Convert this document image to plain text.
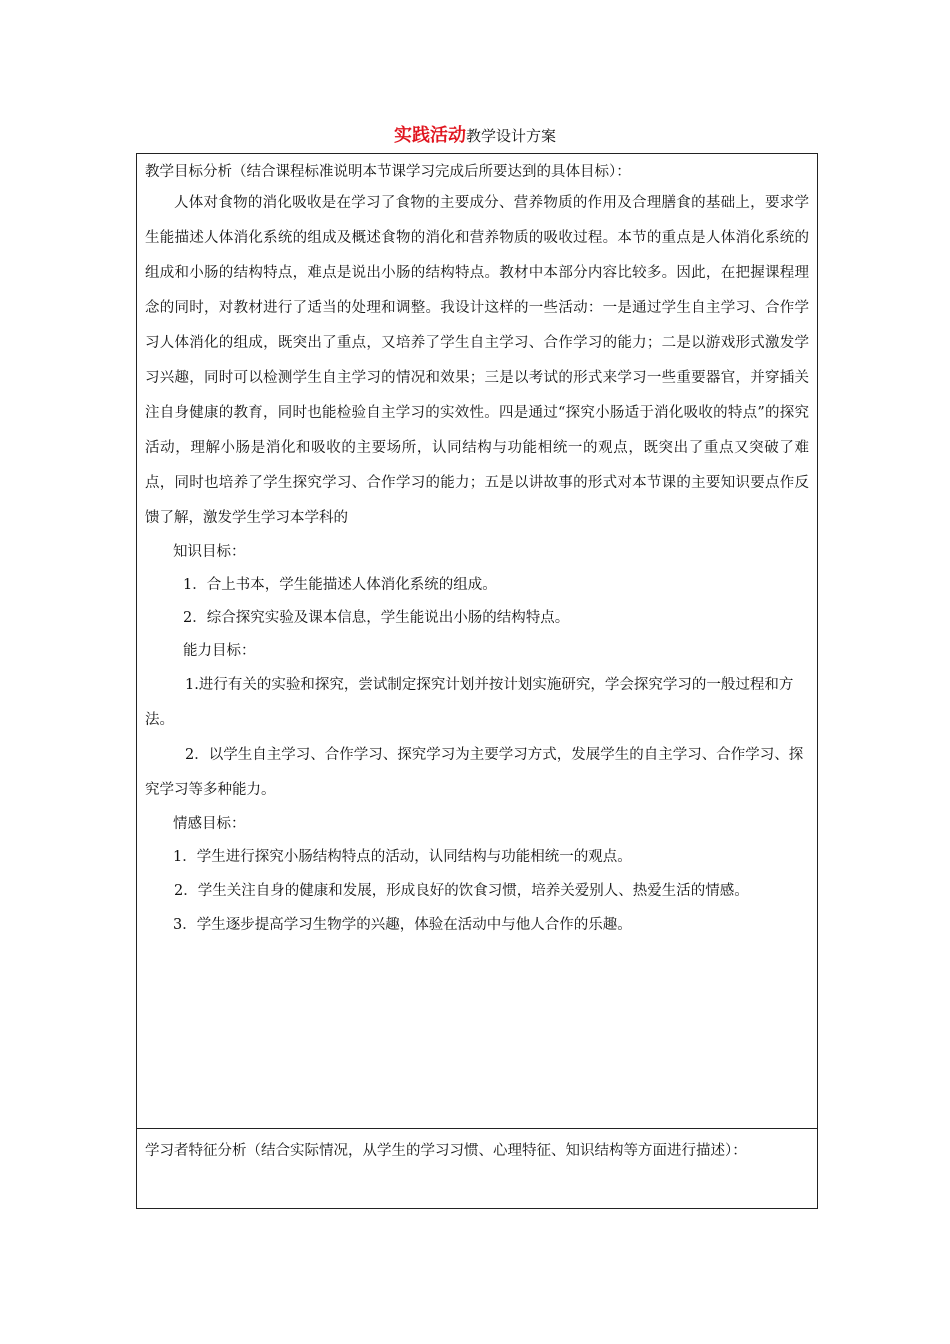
实践活动教学设计方案

教学目标分析（结合课程标准说明本节课学习完成后所要达到的具体目标）：

人体对食物的消化吸收是在学习了食物的主要成分、营养物质的作用及合理膳食的基础上，要求学生能描述人体消化系统的组成及概述食物的消化和营养物质的吸收过程。本节的重点是人体消化系统的组成和小肠的结构特点，难点是说出小肠的结构特点。教材中本部分内容比较多。因此，在把握课程理念的同时，对教材进行了适当的处理和调整。我设计这样的一些活动：一是通过学生自主学习、合作学习人体消化的组成，既突出了重点，又培养了学生自主学习、合作学习的能力；二是以游戏形式激发学习兴趣，同时可以检测学生自主学习的情况和效果；三是以考试的形式来学习一些重要器官，并穿插关注自身健康的教育，同时也能检验自主学习的实效性。四是通过“探究小肠适于消化吸收的特点”的探究活动，理解小肠是消化和吸收的主要场所，认同结构与功能相统一的观点，既突出了重点又突破了难点，同时也培养了学生探究学习、合作学习的能力；五是以讲故事的形式对本节课的主要知识要点作反馈了解，激发学生学习本学科的

知识目标：

1．合上书本，学生能描述人体消化系统的组成。

2．综合探究实验及课本信息，学生能说出小肠的结构特点。

能力目标：

1.进行有关的实验和探究，尝试制定探究计划并按计划实施研究，学会探究学习的一般过程和方法。

2．以学生自主学习、合作学习、探究学习为主要学习方式，发展学生的自主学习、合作学习、探究学习等多种能力。

情感目标：

1．学生进行探究小肠结构特点的活动，认同结构与功能相统一的观点。

2．学生关注自身的健康和发展，形成良好的饮食习惯，培养关爱别人、热爱生活的情感。

3．学生逐步提高学习生物学的兴趣，体验在活动中与他人合作的乐趣。

学习者特征分析（结合实际情况，从学生的学习习惯、心理特征、知识结构等方面进行描述）：
